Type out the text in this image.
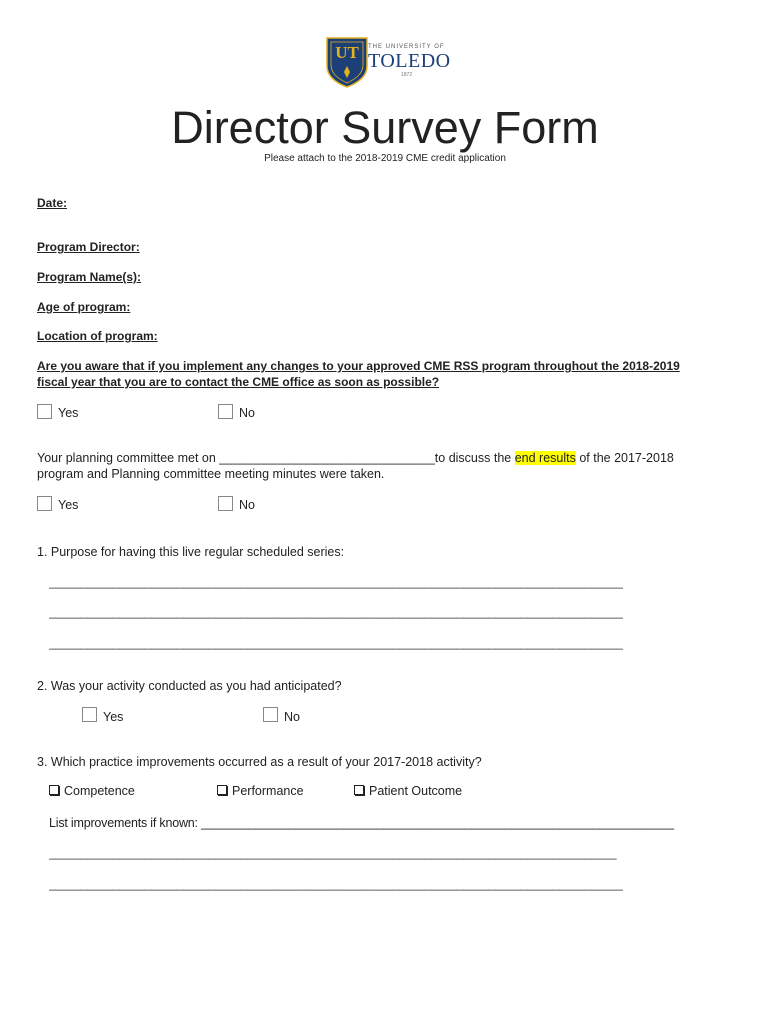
UT	THE UNIVERSITY OF
TOLEDO
1872
Director Survey Form
Please attach to the 2018-2019 CME credit application
Date:
Program Director:
Program Name(s):
Age of program:
Location of program:
Are you aware that if you implement any changes to your approved CME RSS program throughout the 2018-2019
fiscal year that you are to contact the CME office as soon as possible?
Yes	No
Your planning committee met on _______________________________to discuss the end results of the 2017-2018
program and Planning committee meeting minutes were taken.
Yes	No
1. Purpose for having this live regular scheduled series:
__________________________________________________________________________________________
__________________________________________________________________________________________
__________________________________________________________________________________________
2. Was your activity conducted as you had anticipated?
Yes	No
3. Which practice improvements occurred as a result of your 2017-2018 activity?
Competence	Performance	Patient Outcome
List improvements if known: ______________________________________________________________________
_________________________________________________________________________________________
__________________________________________________________________________________________
